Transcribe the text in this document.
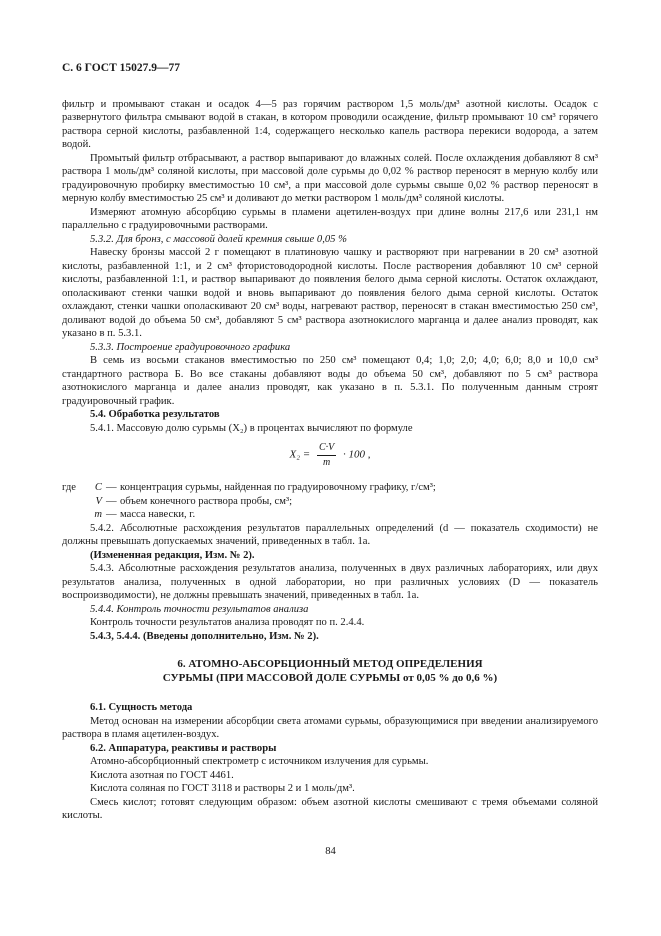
С. 6 ГОСТ 15027.9—77

фильтр и промывают стакан и осадок 4—5 раз горячим раствором 1,5 моль/дм³ азотной кислоты. Осадок с развернутого фильтра смывают водой в стакан, в котором проводили осаждение, фильтр промывают 10 см³ горячего раствора серной кислоты, разбавленной 1:4, содержащего несколько капель раствора перекиси водорода, а затем водой.

Промытый фильтр отбрасывают, а раствор выпаривают до влажных солей. После охлаждения добавляют 8 см³ раствора 1 моль/дм³ соляной кислоты, при массовой доле сурьмы до 0,02 % раствор переносят в мерную колбу или градуировочную пробирку вместимостью 10 см³, а при массовой доле сурьмы свыше 0,02 % раствор переносят в мерную колбу вместимостью 25 см³ и доливают до метки раствором 1 моль/дм³ соляной кислоты.

Измеряют атомную абсорбцию сурьмы в пламени ацетилен-воздух при длине волны 217,6 или 231,1 нм параллельно с градуировочными растворами.

5.3.2. Для бронз, с массовой долей кремния свыше 0,05 %

Навеску бронзы массой 2 г помещают в платиновую чашку и растворяют при нагревании в 20 см³ азотной кислоты, разбавленной 1:1, и 2 см³ фтористоводородной кислоты. После растворения добавляют 10 см³ серной кислоты, разбавленной 1:1, и раствор выпаривают до появления белого дыма серной кислоты. Остаток охлаждают, ополаскивают стенки чашки водой и вновь выпаривают до появления белого дыма серной кислоты. Остаток охлаждают, стенки чашки ополаскивают 20 см³ воды, нагревают раствор, переносят в стакан вместимостью 250 см³, доливают водой до объема 50 см³, добавляют 5 см³ раствора азотнокислого марганца и далее анализ проводят, как указано в п. 5.3.1.

5.3.3. Построение градуировочного графика

В семь из восьми стаканов вместимостью по 250 см³ помещают 0,4; 1,0; 2,0; 4,0; 6,0; 8,0 и 10,0 см³ стандартного раствора Б. Во все стаканы добавляют воды до объема 50 см³, добавляют по 5 см³ раствора азотнокислого марганца и далее анализ проводят, как указано в п. 5.3.1. По полученным данным строят градуировочный график.

5.4. Обработка результатов

5.4.1. Массовую долю сурьмы (X₂) в процентах вычисляют по формуле

$X_2 = \frac{C\cdot V}{m} \cdot 100$ ,
где	C — концентрация сурьмы, найденная по градуировочному графику, г/см³;
V — объем конечного раствора пробы, см³;
m — масса навески, г.

5.4.2. Абсолютные расхождения результатов параллельных определений (d — показатель сходимости) не должны превышать допускаемых значений, приведенных в табл. 1а.

(Измененная редакция, Изм. № 2).

5.4.3. Абсолютные расхождения результатов анализа, полученных в двух различных лабораториях, или двух результатов анализа, полученных в одной лаборатории, но при различных условиях (D — показатель воспроизводимости), не должны превышать значений, приведенных в табл. 1а.

5.4.4. Контроль точности результатов анализа

Контроль точности результатов анализа проводят по п. 2.4.4.

5.4.3, 5.4.4. (Введены дополнительно, Изм. № 2).

6. АТОМНО-АБСОРБЦИОННЫЙ МЕТОД ОПРЕДЕЛЕНИЯ
СУРЬМЫ (ПРИ МАССОВОЙ ДОЛЕ СУРЬМЫ от 0,05 % до 0,6 %)

6.1. Сущность метода

Метод основан на измерении абсорбции света атомами сурьмы, образующимися при введении анализируемого раствора в пламя ацетилен-воздух.

6.2. Аппаратура, реактивы и растворы

Атомно-абсорбционный спектрометр с источником излучения для сурьмы.

Кислота азотная по ГОСТ 4461.

Кислота соляная по ГОСТ 3118 и растворы 2 и 1 моль/дм³.

Смесь кислот; готовят следующим образом: объем азотной кислоты смешивают с тремя объемами соляной кислоты.

84
